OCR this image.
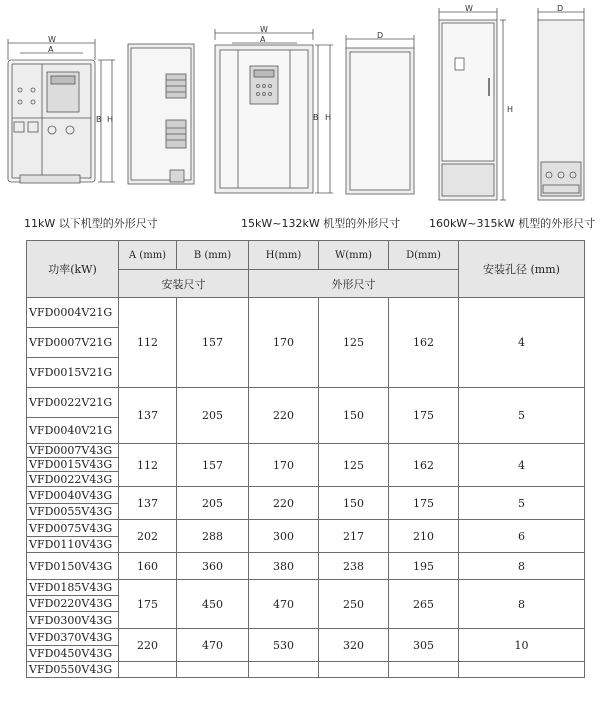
W
A
B H
W
A
B H
D
W
H
D
11kW 以下机型的外形尺寸	15kW~132kW 机型的外形尺寸	160kW~315kW 机型的外形尺寸
功率(kW)	A (mm)	B (mm)	H(mm)	W(mm)	D(mm)	安装孔径 (mm)
	安装尺寸		外形尺寸			
VFD0004V21G	112	157	170	125	162	4
VFD0007V21G						
VFD0015V21G						
VFD0022V21G	137	205	220	150	175	5
VFD0040V21G						
VFD0007V43G	112	157	170	125	162	4
VFD0015V43G						
VFD0022V43G						
VFD0040V43G	137	205	220	150	175	5
VFD0055V43G						
VFD0075V43G	202	288	300	217	210	6
VFD0110V43G						
VFD0150V43G	160	360	380	238	195	8
VFD0185V43G	175	450	470	250	265	8
VFD0220V43G						
VFD0300V43G						
VFD0370V43G	220	470	530	320	305	10
VFD0450V43G						
VFD0550V43G						
